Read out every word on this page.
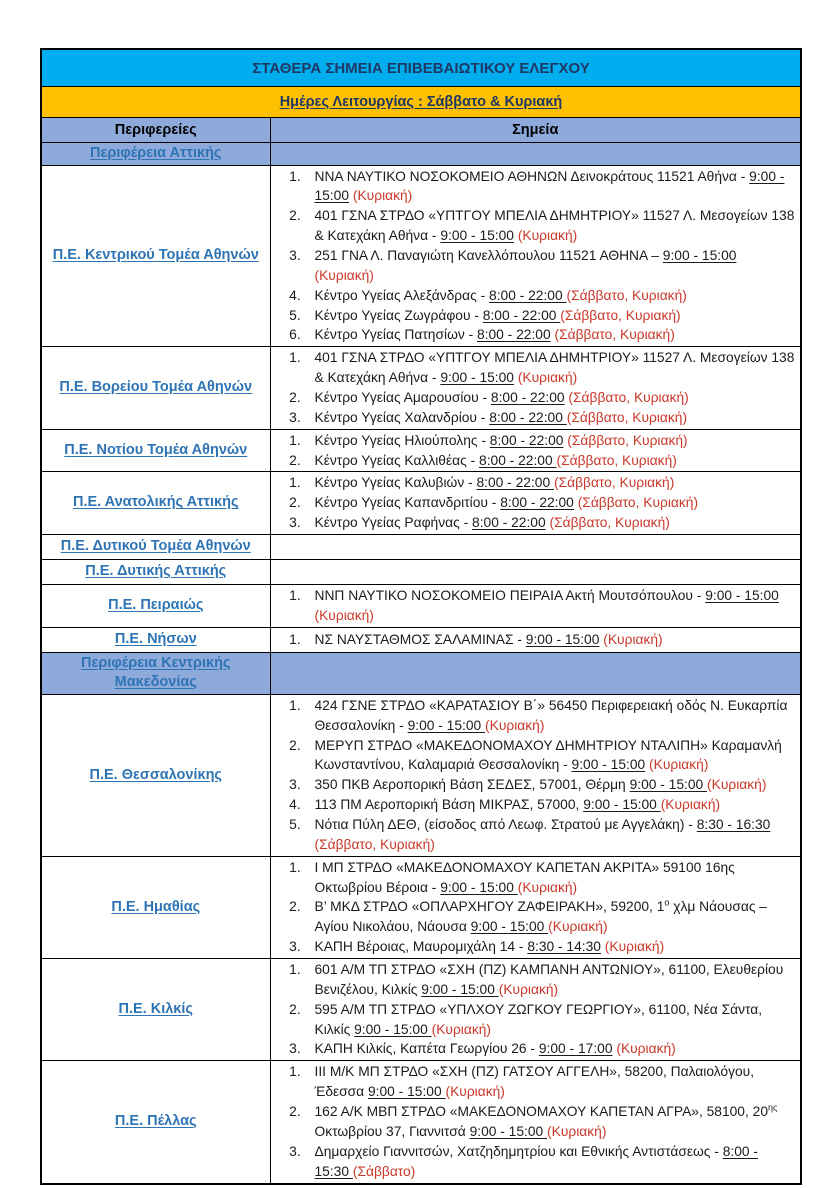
ΣΤΑΘΕΡΑ ΣΗΜΕΙΑ ΕΠΙΒΕΒΑΙΩΤΙΚΟΥ ΕΛΕΓΧΟΥ	
Ημέρες Λειτουργίας : Σάββατο & Κυριακή	
Περιφερείες	Σημεία
Περιφέρεια Αττικής	
Π.Ε. Κεντρικού Τομέα Αθηνών	
1. ΝΝΑ ΝΑΥΤΙΚΟ ΝΟΣΟΚΟΜΕΙΟ ΑΘΗΝΩΝ Δεινοκράτους 11521 Αθήνα - 9:00 - 15:00 (Κυριακή)
2. 401 ΓΣΝΑ ΣΤΡΔΟ «ΥΠΤΓΟΥ ΜΠΕΛΙΑ ΔΗΜΗΤΡΙΟΥ» 11527 Λ. Μεσογείων 138 & Κατεχάκη Αθήνα - 9:00 - 15:00 (Κυριακή)
3. 251 ΓΝΑ Λ. Παναγιώτη Κανελλόπουλου 11521 ΑΘΗΝΑ – 9:00 - 15:00 (Κυριακή)
4. Κέντρο Υγείας Αλεξάνδρας - 8:00 - 22:00 (Σάββατο, Κυριακή)
5. Κέντρο Υγείας Ζωγράφου - 8:00 - 22:00 (Σάββατο, Κυριακή)
6. Κέντρο Υγείας Πατησίων - 8:00 - 22:00 (Σάββατο, Κυριακή)

Π.Ε. Βορείου Τομέα Αθηνών	
1. 401 ΓΣΝΑ ΣΤΡΔΟ «ΥΠΤΓΟΥ ΜΠΕΛΙΑ ΔΗΜΗΤΡΙΟΥ» 11527 Λ. Μεσογείων 138 & Κατεχάκη Αθήνα - 9:00 - 15:00 (Κυριακή)
2. Κέντρο Υγείας Αμαρουσίου - 8:00 - 22:00 (Σάββατο, Κυριακή)
3. Κέντρο Υγείας Χαλανδρίου - 8:00 - 22:00 (Σάββατο, Κυριακή)

Π.Ε. Νοτίου Τομέα Αθηνών	
1. Κέντρο Υγείας Ηλιούπολης - 8:00 - 22:00 (Σάββατο, Κυριακή)
2. Κέντρο Υγείας Καλλιθέας - 8:00 - 22:00 (Σάββατο, Κυριακή)

Π.Ε. Ανατολικής Αττικής	
1. Κέντρο Υγείας Καλυβιών - 8:00 - 22:00 (Σάββατο, Κυριακή)
2. Κέντρο Υγείας Καπανδριτίου - 8:00 - 22:00 (Σάββατο, Κυριακή)
3. Κέντρο Υγείας Ραφήνας - 8:00 - 22:00 (Σάββατο, Κυριακή)

Π.Ε. Δυτικού Τομέα Αθηνών	
Π.Ε. Δυτικής Αττικής	
Π.Ε. Πειραιώς	
1. ΝΝΠ ΝΑΥΤΙΚΟ ΝΟΣΟΚΟΜΕΙΟ ΠΕΙΡΑΙΑ Ακτή Μουτσόπουλου - 9:00 - 15:00 (Κυριακή)

Π.Ε. Νήσων	
1.ΝΣ ΝΑΥΣΤΑΘΜΟΣ ΣΑΛΑΜΙΝΑΣ - 9:00 - 15:00 (Κυριακή)

Περιφέρεια Κεντρικής Μακεδονίας	
Π.Ε. Θεσσαλονίκης	
1. 424 ΓΣΝΕ ΣΤΡΔΟ «ΚΑΡΑΤΑΣΙΟΥ Β΄» 56450 Περιφερειακή οδός Ν. Ευκαρπία Θεσσαλονίκη - 9:00 - 15:00 (Κυριακή)
2. ΜΕΡΥΠ ΣΤΡΔΟ «ΜΑΚΕΔΟΝΟΜΑΧΟΥ ΔΗΜΗΤΡΙΟΥ ΝΤΑΛΙΠΗ» Καραμανλή Κωνσταντίνου, Καλαμαριά Θεσσαλονίκη - 9:00 - 15:00 (Κυριακή)
3. 350 ΠΚΒ Αεροπορική Βάση ΣΕΔΕΣ, 57001, Θέρμη 9:00 - 15:00 (Κυριακή)
4. 113 ΠΜ Αεροπορική Βάση ΜΙΚΡΑΣ, 57000, 9:00 - 15:00 (Κυριακή)
5. Νότια Πύλη ΔΕΘ, (είσοδος από Λεωφ. Στρατού με Αγγελάκη) - 8:30 - 16:30 (Σάββατο, Κυριακή)

Π.Ε. Ημαθίας	
1. Ι ΜΠ ΣΤΡΔΟ «ΜΑΚΕΔΟΝΟΜΑΧΟΥ ΚΑΠΕΤΑΝ ΑΚΡΙΤΑ» 59100 16ης Οκτωβρίου Βέροια - 9:00 - 15:00 (Κυριακή)
2. Β’ ΜΚΔ ΣΤΡΔΟ «ΟΠΛΑΡΧΗΓΟΥ ΖΑΦΕΙΡΑΚΗ», 59200, $1^o$ χλμ Νάουσας – Αγίου Νικολάου, Νάουσα 9:00 - 15:00 (Κυριακή)
3. ΚΑΠΗ Βέροιας, Μαυρομιχάλη 14 - 8:30 - 14:30 (Κυριακή)

Π.Ε. Κιλκίς	
1. 601 Α/Μ ΤΠ ΣΤΡΔΟ «ΣΧΗ (ΠΖ) ΚΑΜΠΑΝΗ ΑΝΤΩΝΙΟΥ», 61100, Ελευθερίου Βενιζέλου, Κιλκίς 9:00 - 15:00 (Κυριακή)
2. 595 Α/Μ ΤΠ ΣΤΡΔΟ «ΥΠΛΧΟΥ ΖΩΓΚΟΥ ΓΕΩΡΓΙΟΥ», 61100, Νέα Σάντα, Κιλκίς 9:00 - 15:00 (Κυριακή)
3. ΚΑΠΗ Κιλκίς, Καπέτα Γεωργίου 26 - 9:00 - 17:00 (Κυριακή)

Π.Ε. Πέλλας	
1. ΙΙΙ Μ/Κ ΜΠ ΣΤΡΔΟ «ΣΧΗ (ΠΖ) ΓΑΤΣΟΥ ΑΓΓΕΛΗ», 58200, Παλαιολόγου, Έδεσσα 9:00 - 15:00 (Κυριακή)
2. 162 Α/Κ ΜΒΠ ΣΤΡΔΟ «ΜΑΚΕΔΟΝΟΜΑΧΟΥ ΚΑΠΕΤΑΝ ΑΓΡΑ», 58100, $20^{\eta\varsigma}$ Οκτωβρίου 37, Γιαννιτσά 9:00 - 15:00 (Κυριακή)
3. Δημαρχείο Γιαννιτσών, Χατζηδημητρίου και Εθνικής Αντιστάσεως - 8:00 - 15:30 (Σάββατο)
